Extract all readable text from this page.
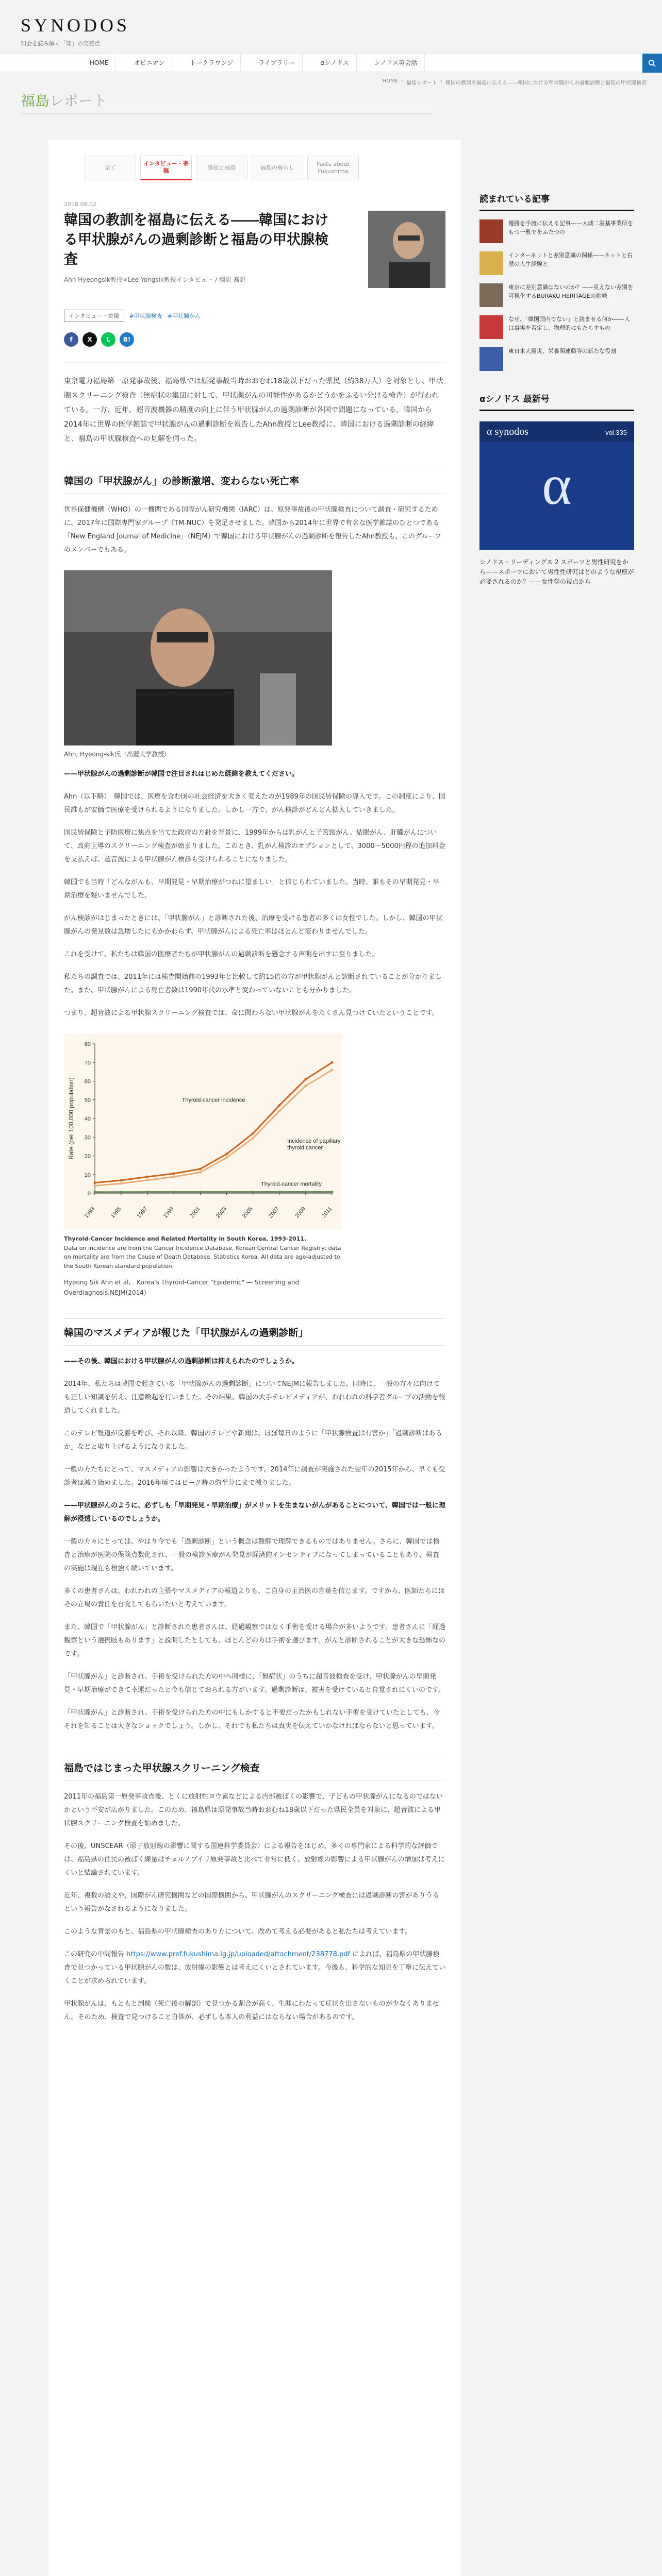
SYNODOS
知会を読み解く「知」の交差点
HOME	オピニオン	トークラウンジ	ライブラリー	αシノドス	シノドス英会話
HOME › 福島レポート › 韓国の教訓を福島に伝える——韓国における甲状腺がんの過剰診断と福島の甲状腺検査
福島レポート
全て
インタビュー・寄稿	事故と福島	福島の暮らし
Facts about Fukushima
2018.08.02
韓国の教訓を福島に伝える——韓国における甲状腺がんの過剰診断と福島の甲状腺検査
Ahn Hyeongsik教授×Lee Yongsik教授インタビュー / 翻訳 髙野
インタビュー・寄稿	#甲状腺検査 #甲状腺がん
f	X	L	B!
東京電力福島第一原発事故後、福島県では原発事故当時おおむね18歳以下だった県民（約38万人）を対象とし、甲状腺スクリーニング検査（無症状の集団に対して、甲状腺がんの可能性があるかどうかをふるい分ける検査）が行われている。一方、近年、超音波機器の精度の向上に伴う甲状腺がんの過剰診断が各国で問題になっている。韓国から2014年に世界の医学雑誌で甲状腺がんの過剰診断を報告したAhn教授とLee教授に、韓国における過剰診断の経緯と、福島の甲状腺検査への見解を伺った。
韓国の「甲状腺がん」の診断激増、変わらない死亡率

世界保健機構（WHO）の一機関である国際がん研究機関（IARC）は、原発事故後の甲状腺検査について調査・研究するために、2017年に国際専門家グループ（TM-NUC）を発足させました。韓国から2014年に世界で有名な医学雑誌のひとつである「New England Journal of Medicine」（NEJM）で韓国における甲状腺がんの過剰診断を報告したAhn教授も、このグループのメンバーでもある。

Ahn, Hyeong-sik氏（高麗大学教授）

——甲状腺がんの過剰診断が韓国で注目されはじめた経緯を教えてください。

Ahn（以下略）　韓国では、医療を含む国の社会経済を大きく変えたのが1989年の国民皆保険の導入です。この制度により、国民誰もが安価で医療を受けられるようになりました。しかし一方で、がん検診がどんどん拡大していきました。

国民皆保険と予防医療に焦点を当てた政府の方針を背景に、1999年からは乳がんと子宮頸がん、結腸がん、肝臓がんについて、政府主導のスクリーニング検査が始まりました。このとき、乳がん検診のオプションとして、3000〜5000円程の追加料金を支払えば、超音波による甲状腺がん検診も受けられることになりました。

韓国でも当時「どんながんも、早期発見・早期治療がつねに望ましい」と信じられていました。当時、誰もその早期発見・早期治療を疑いませんでした。

がん検診がはじまったときには、「甲状腺がん」と診断された後、治療を受ける患者の多くは女性でした。しかし、韓国の甲状腺がんの発見数は急増したにもかかわらず、甲状腺がんによる死亡率はほとんど変わりませんでした。

これを受けて、私たちは韓国の医療者たちが甲状腺がんの過剰診断を懸念する声明を出すに至りました。

私たちの調査では、2011年には検査開始前の1993年と比較して約15倍の方が甲状腺がんと診断されていることが分かりました。また、甲状腺がんによる死亡者数は1990年代の水準と変わっていないことも分かりました。

つまり、超音波による甲状腺スクリーニング検査では、命に関わらない甲状腺がんをたくさん見つけていたということです。

0
10
20
30
40
50
60
70
80
1993 1995 1997 1999 2001 2003 2005 2007 2009 2011
Rate (per 100,000 population)	Thyroid-cancer incidence
Incidence of papillary thyroid cancer
Thyroid-cancer mortality
Thyroid-Cancer Incidence and Related Mortality in South Korea, 1993-2011.
Data on incidence are from the Cancer Incidence Database, Korean Central Cancer Registry; data on mortality are from the Cause of Death Database, Statistics Korea. All data are age-adjusted to the South Korean standard population.
Hyeong Sik Ahn et al,　Korea's Thyroid-Cancer "Epidemic" — Screening and Overdiagnosis,NEJM(2014)
韓国のマスメディアが報じた「甲状腺がんの過剰診断」

——その後、韓国における甲状腺がんの過剰診断は抑えられたのでしょうか。

2014年、私たちは韓国で起きている「甲状腺がんの過剰診断」についてNEJMに報告しました。同時に、一般の方々に向けても正しい知識を伝え、注意喚起を行いました。その結果、韓国の大手テレビメディアが、われわれの科学者グループの活動を報道してくれました。

このテレビ報道が反響を呼び、それ以降、韓国のテレビや新聞は、ほぼ毎日のように「甲状腺検査は有害か」「過剰診断はあるか」などと取り上げるようになりました。

一般の方たちにとって、マスメディアの影響は大きかったようです。2014年に調査が実施された翌年の2015年から、早くも受診者は減り始めました。2016年頃ではピーク時の約半分にまで減りました。

——甲状腺がんのように、必ずしも「早期発見・早期治療」がメリットを生まないがんがあることについて、韓国では一般に理解が浸透しているのでしょうか。

一般の方々にとっては、やはり今でも「過剰診断」という概念は難解で理解できるものではありません。さらに、韓国では検査と治療が医院の保険点数化され、一般の検診医療がん発見が経済的インセンティブになってしまっていることもあり、検査の実施は現在も根強く続いています。

多くの患者さんは、われわれの主張やマスメディアの報道よりも、ご自身の主治医の言葉を信じます。ですから、医師たちにはその立場の責任を自覚してもらいたいと考えています。

また、韓国で「甲状腺がん」と診断された患者さんは、経過観察ではなく手術を受ける場合が多いようです。患者さんに「経過観察という選択肢もあります」と説明したとしても、ほとんどの方は手術を選びます。がんと診断されることが大きな恐怖なのです。

「甲状腺がん」と診断され、手術を受けられた方の中へ同様に、「無症状」のうちに超音波検査を受け、甲状腺がんの早期発見・早期治療ができて幸運だったと今も信じておられる方がいます。過剰診断は、被害を受けていると自覚されにくいのです。

「甲状腺がん」と診断され、手術を受けられた方の中にもしかすると不要だったかもしれない手術を受けていたとしても、今それを知ることは大きなショックでしょう。しかし、それでも私たちは真実を伝えていかなければならないと思っています。

福島ではじまった甲状腺スクリーニング検査

2011年の福島第一原発事故直後、とくに放射性ヨウ素などによる内部被ばくの影響で、子どもの甲状腺がんになるのではないかという不安が広がりました。このため、福島県は原発事故当時おおむね18歳以下だった県民全員を対象に、超音波による甲状腺スクリーニング検査を始めました。

その後、UNSCEAR（原子放射線の影響に関する国連科学委員会）による報告をはじめ、多くの専門家による科学的な評価では、福島県の住民の被ばく線量はチェルノブイリ原発事故と比べて非常に低く、放射線の影響による甲状腺がんの増加は考えにくいと結論されています。

近年、複数の論文や、国際がん研究機関などの国際機関から、甲状腺がんのスクリーニング検査には過剰診断の害がありうるという報告がなされるようになりました。

このような背景のもと、福島県の甲状腺検査のあり方について、改めて考える必要があると私たちは考えています。

この研究の中間報告 https://www.pref.fukushima.lg.jp/uploaded/attachment/238778.pdf によれば、福島県の甲状腺検査で見つかっている甲状腺がんの数は、放射線の影響とは考えにくいとされています。今後も、科学的な知見を丁寧に伝えていくことが求められています。

甲状腺がんは、もともと剖検（死亡後の解剖）で見つかる割合が高く、生涯にわたって症状を出さないものが少なくありません。そのため、検査で見つけること自体が、必ずしも本人の利益にはならない場合があるのです。

読まれている記事
優勝を手渡に伝える記事——大城二汲基事業所をもつ一覧でをふたつの
インターネットと差別意識の関係——ネットと右派の人生経験と
東京に差別意識はないのか？——見えない差別を可視化するBURAKU HERITAGEの挑戦
なぜ、「韓国国内でない」と読ませる何か——人は事実を否定し、物理的にもたらすもの
東日本大震災、栄養関連職等の新たな役割
αシノドス 最新号
α synodos	vol.335
α
シノドス・リーディングス 2 スポーツと男性研究をから——スポーツにおいて男性性研究はどのような視座が必要されるのか？——女性学の視点から
